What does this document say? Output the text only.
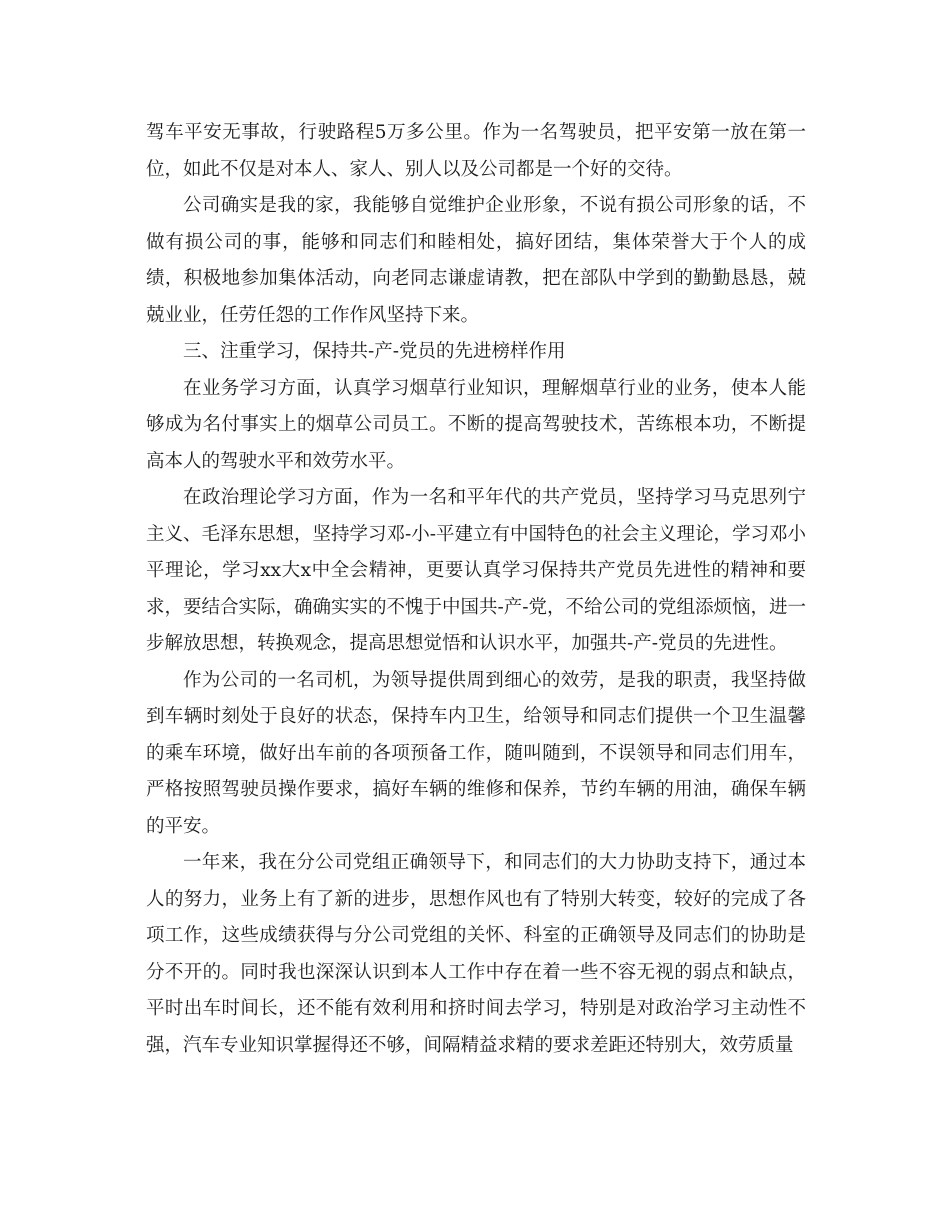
驾车平安无事故，行驶路程5万多公里。作为一名驾驶员，把平安第一放在第一位，如此不仅是对本人、家人、别人以及公司都是一个好的交待。

公司确实是我的家，我能够自觉维护企业形象，不说有损公司形象的话，不做有损公司的事，能够和同志们和睦相处，搞好团结，集体荣誉大于个人的成绩，积极地参加集体活动，向老同志谦虚请教，把在部队中学到的勤勤恳恳，兢兢业业，任劳任怨的工作作风坚持下来。

三、注重学习，保持共-产-党员的先进榜样作用

在业务学习方面，认真学习烟草行业知识，理解烟草行业的业务，使本人能够成为名付事实上的烟草公司员工。不断的提高驾驶技术，苦练根本功，不断提高本人的驾驶水平和效劳水平。

在政治理论学习方面，作为一名和平年代的共产党员，坚持学习马克思列宁主义、毛泽东思想，坚持学习邓-小-平建立有中国特色的社会主义理论，学习邓小平理论，学习xx大x中全会精神，更要认真学习保持共产党员先进性的精神和要求，要结合实际，确确实实的不愧于中国共-产-党，不给公司的党组添烦恼，进一步解放思想，转换观念，提高思想觉悟和认识水平，加强共-产-党员的先进性。

作为公司的一名司机，为领导提供周到细心的效劳，是我的职责，我坚持做到车辆时刻处于良好的状态，保持车内卫生，给领导和同志们提供一个卫生温馨的乘车环境，做好出车前的各项预备工作，随叫随到，不误领导和同志们用车，严格按照驾驶员操作要求，搞好车辆的维修和保养，节约车辆的用油，确保车辆的平安。

一年来，我在分公司党组正确领导下，和同志们的大力协助支持下，通过本人的努力，业务上有了新的进步，思想作风也有了特别大转变，较好的完成了各项工作，这些成绩获得与分公司党组的关怀、科室的正确领导及同志们的协助是分不开的。同时我也深深认识到本人工作中存在着一些不容无视的弱点和缺点，平时出车时间长，还不能有效利用和挤时间去学习，特别是对政治学习主动性不强，汽车专业知识掌握得还不够，间隔精益求精的要求差距还特别大，效劳质量
